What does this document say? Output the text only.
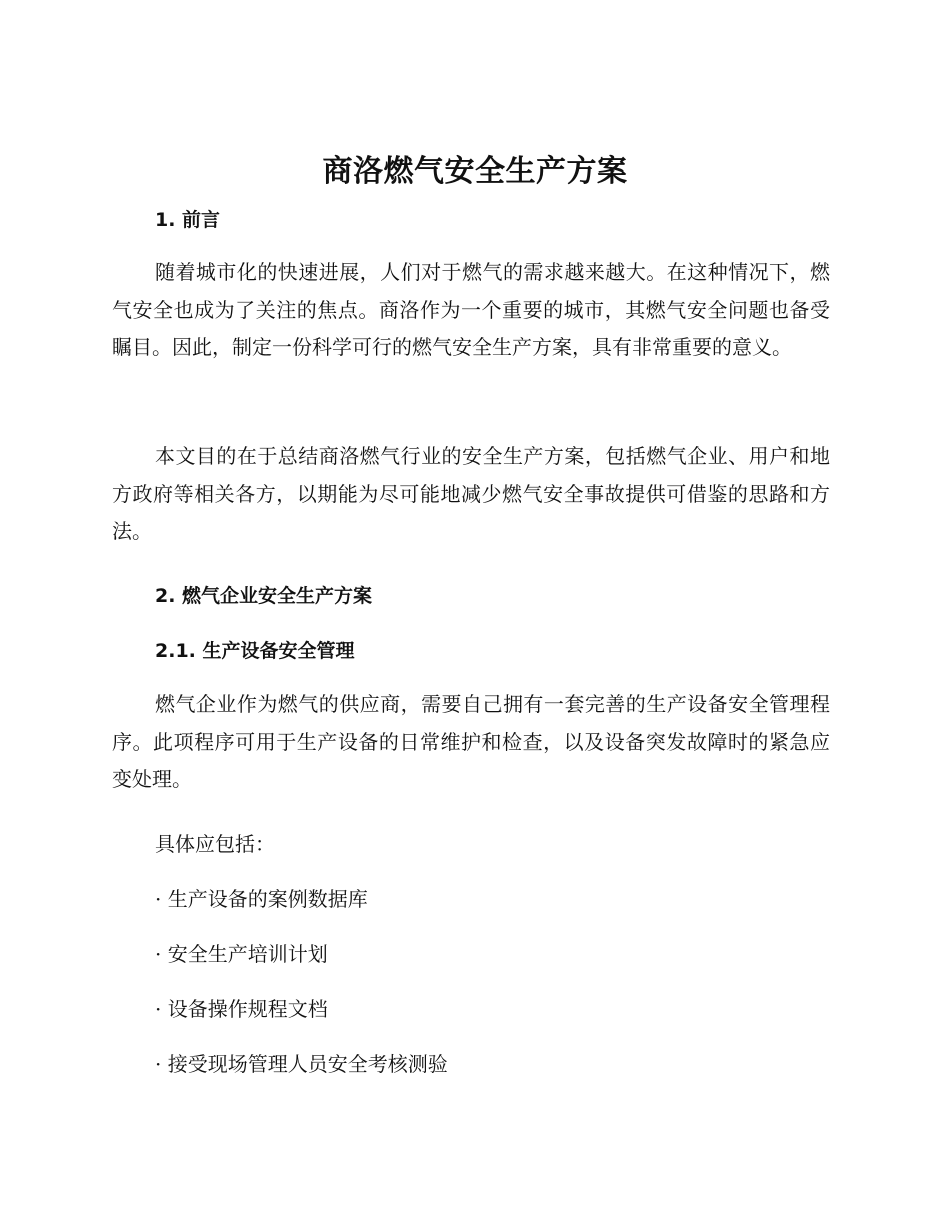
商洛燃气安全生产方案
1. 前言

随着城市化的快速进展，人们对于燃气的需求越来越大。在这种情况下，燃气安全也成为了关注的焦点。商洛作为一个重要的城市，其燃气安全问题也备受瞩目。因此，制定一份科学可行的燃气安全生产方案，具有非常重要的意义。

本文目的在于总结商洛燃气行业的安全生产方案，包括燃气企业、用户和地方政府等相关各方，以期能为尽可能地减少燃气安全事故提供可借鉴的思路和方法。

2. 燃气企业安全生产方案
2.1. 生产设备安全管理

燃气企业作为燃气的供应商，需要自己拥有一套完善的生产设备安全管理程序。此项程序可用于生产设备的日常维护和检查，以及设备突发故障时的紧急应变处理。

具体应包括：
· 生产设备的案例数据库
· 安全生产培训计划
· 设备操作规程文档
· 接受现场管理人员安全考核测验
